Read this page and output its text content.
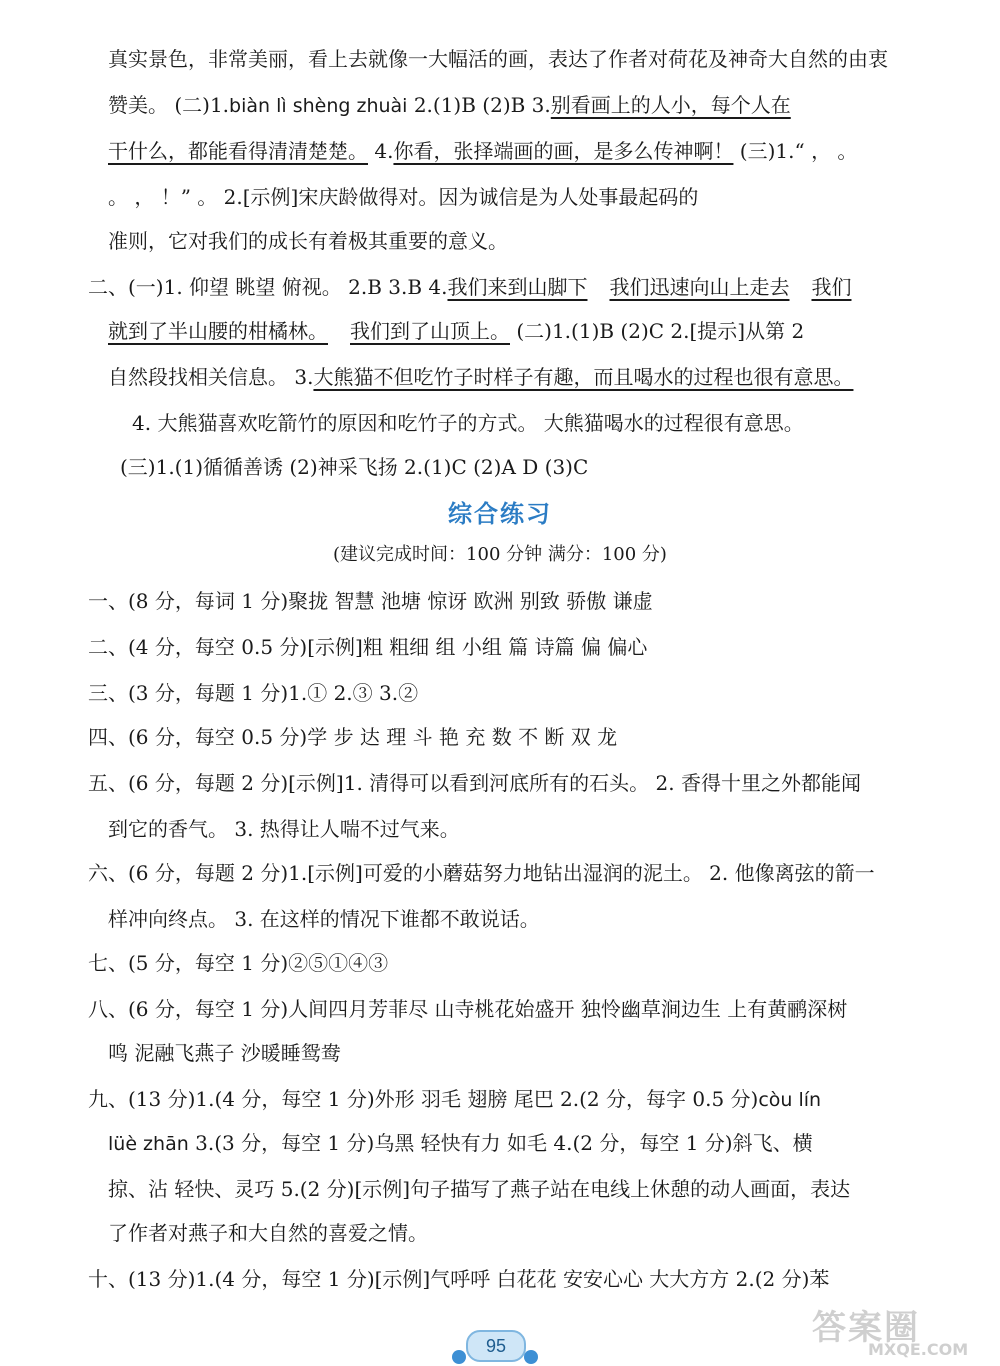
真实景色，非常美丽，看上去就像一大幅活的画，表达了作者对荷花及神奇大自然的由衷
赞美。 (二)1.biàn lì shèng zhuài 2.(1)B (2)B 3.别看画上的人小，每个人在
干什么，都能看得清清楚楚。 4.你看，张择端画的画，是多么传神啊！ (三)1.“ ， 。
。 ， ！” 。 2.[示例]宋庆龄做得对。因为诚信是为人处事最起码的
准则，它对我们的成长有着极其重要的意义。
二、(一)1. 仰望 眺望 俯视。 2.B 3.B 4.我们来到山脚下 我们迅速向山上走去 我们
就到了半山腰的柑橘林。 我们到了山顶上。 (二)1.(1)B (2)C 2.[提示]从第 2
自然段找相关信息。 3.大熊猫不但吃竹子时样子有趣，而且喝水的过程也很有意思。
4. 大熊猫喜欢吃箭竹的原因和吃竹子的方式。 大熊猫喝水的过程很有意思。
(三)1.(1)循循善诱 (2)神采飞扬 2.(1)C (2)A D (3)C
综合练习
(建议完成时间：100 分钟 满分：100 分)
一、(8 分，每词 1 分)聚拢 智慧 池塘 惊讶 欧洲 别致 骄傲 谦虚
二、(4 分，每空 0.5 分)[示例]粗 粗细 组 小组 篇 诗篇 偏 偏心
三、(3 分，每题 1 分)1.① 2.③ 3.②
四、(6 分，每空 0.5 分)学 步 达 理 斗 艳 充 数 不 断 双 龙
五、(6 分，每题 2 分)[示例]1. 清得可以看到河底所有的石头。 2. 香得十里之外都能闻
到它的香气。 3. 热得让人喘不过气来。
六、(6 分，每题 2 分)1.[示例]可爱的小蘑菇努力地钻出湿润的泥土。 2. 他像离弦的箭一
样冲向终点。 3. 在这样的情况下谁都不敢说话。
七、(5 分，每空 1 分)②⑤①④③
八、(6 分，每空 1 分)人间四月芳菲尽 山寺桃花始盛开 独怜幽草涧边生 上有黄鹂深树
鸣 泥融飞燕子 沙暖睡鸳鸯
九、(13 分)1.(4 分，每空 1 分)外形 羽毛 翅膀 尾巴 2.(2 分，每字 0.5 分)còu lín
lüè zhān 3.(3 分，每空 1 分)乌黑 轻快有力 如毛 4.(2 分，每空 1 分)斜飞、横
掠、沾 轻快、灵巧 5.(2 分)[示例]句子描写了燕子站在电线上休憩的动人画面，表达
了作者对燕子和大自然的喜爱之情。
十、(13 分)1.(4 分，每空 1 分)[示例]气呼呼 白花花 安安心心 大大方方 2.(2 分)苯
95	答案圈
MXQE.COM
